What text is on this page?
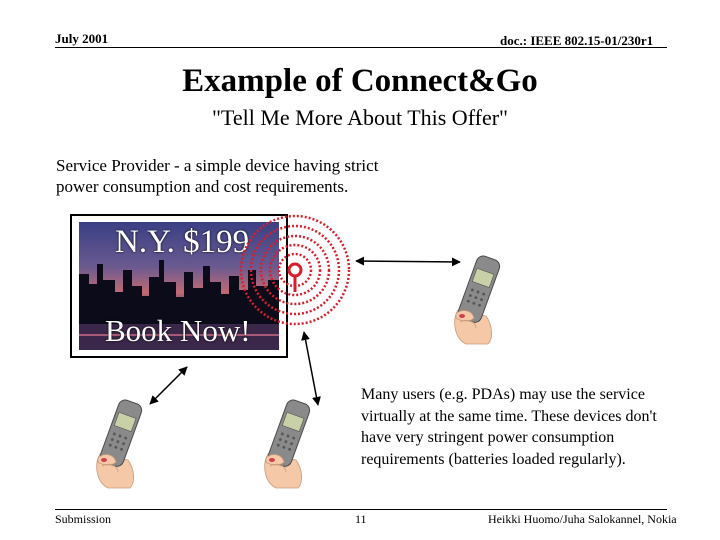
July 2001	doc.: IEEE 802.15-01/230r1
Example of Connect&Go
"Tell Me More About This Offer"
Service Provider - a simple device having strict power consumption and cost requirements.
N.Y. $199
Book Now!
Many users (e.g. PDAs) may use the service virtually at the same time. These devices don't have very stringent power consumption requirements (batteries loaded regularly).
Submission	11	Heikki Huomo/Juha Salokannel, Nokia
